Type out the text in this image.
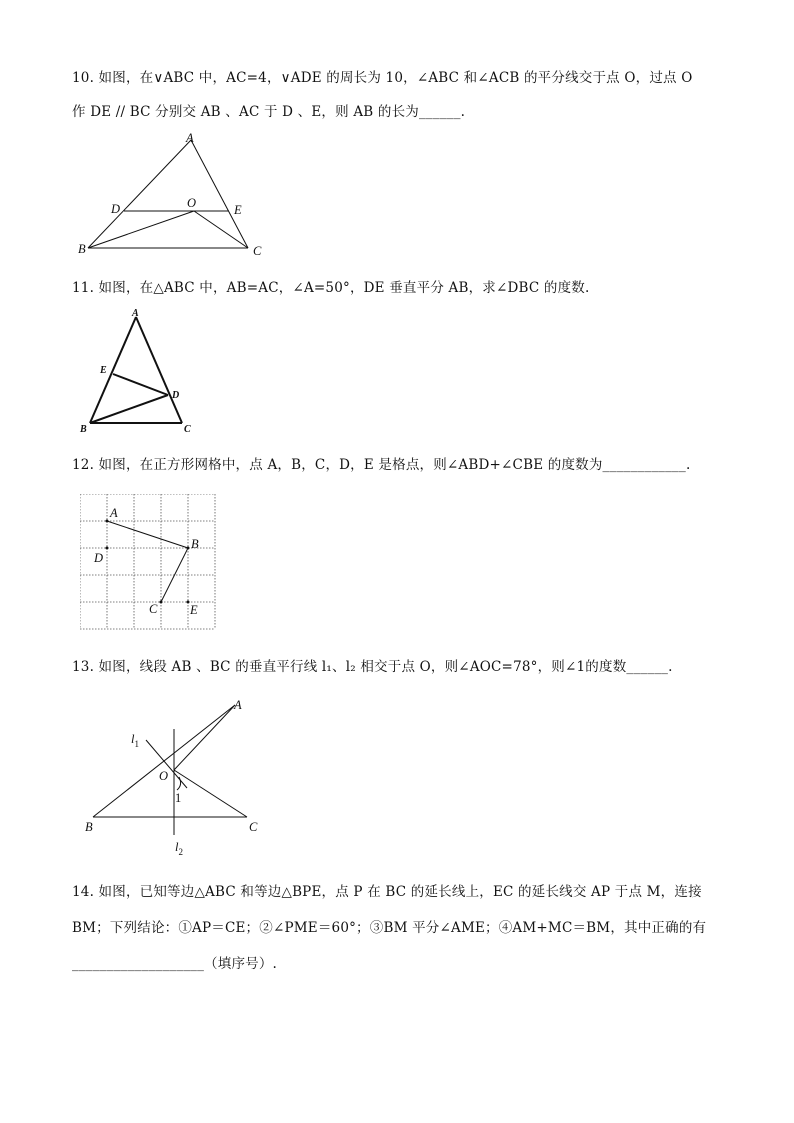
10. 如图，在∨ABC 中，AC=4，∨ADE 的周长为 10，∠ABC 和∠ACB 的平分线交于点 O，过点 O
作 DE // BC 分别交 AB 、AC 于 D 、E，则 AB 的长为______.
A
B	C
D	E
O
11. 如图，在△ABC 中，AB=AC，∠A=50°，DE 垂直平分 AB，求∠DBC 的度数.
A
B	C
D
E
12. 如图，在正方形网格中，点 A，B，C，D，E 是格点，则∠ABD+∠CBE 的度数为____________.
A
B
C
D
E
13. 如图，线段 AB 、BC 的垂直平行线 l₁、l₂ 相交于点 O，则∠AOC=78°，则∠1的度数______.
A
B	C
O
1
$l_1$
$l_2$
14. 如图，已知等边△ABC 和等边△BPE，点 P 在 BC 的延长线上，EC 的延长线交 AP 于点 M，连接
BM；下列结论：①AP＝CE；②∠PME＝60°；③BM 平分∠AME；④AM+MC＝BM，其中正确的有
___________________（填序号）.
